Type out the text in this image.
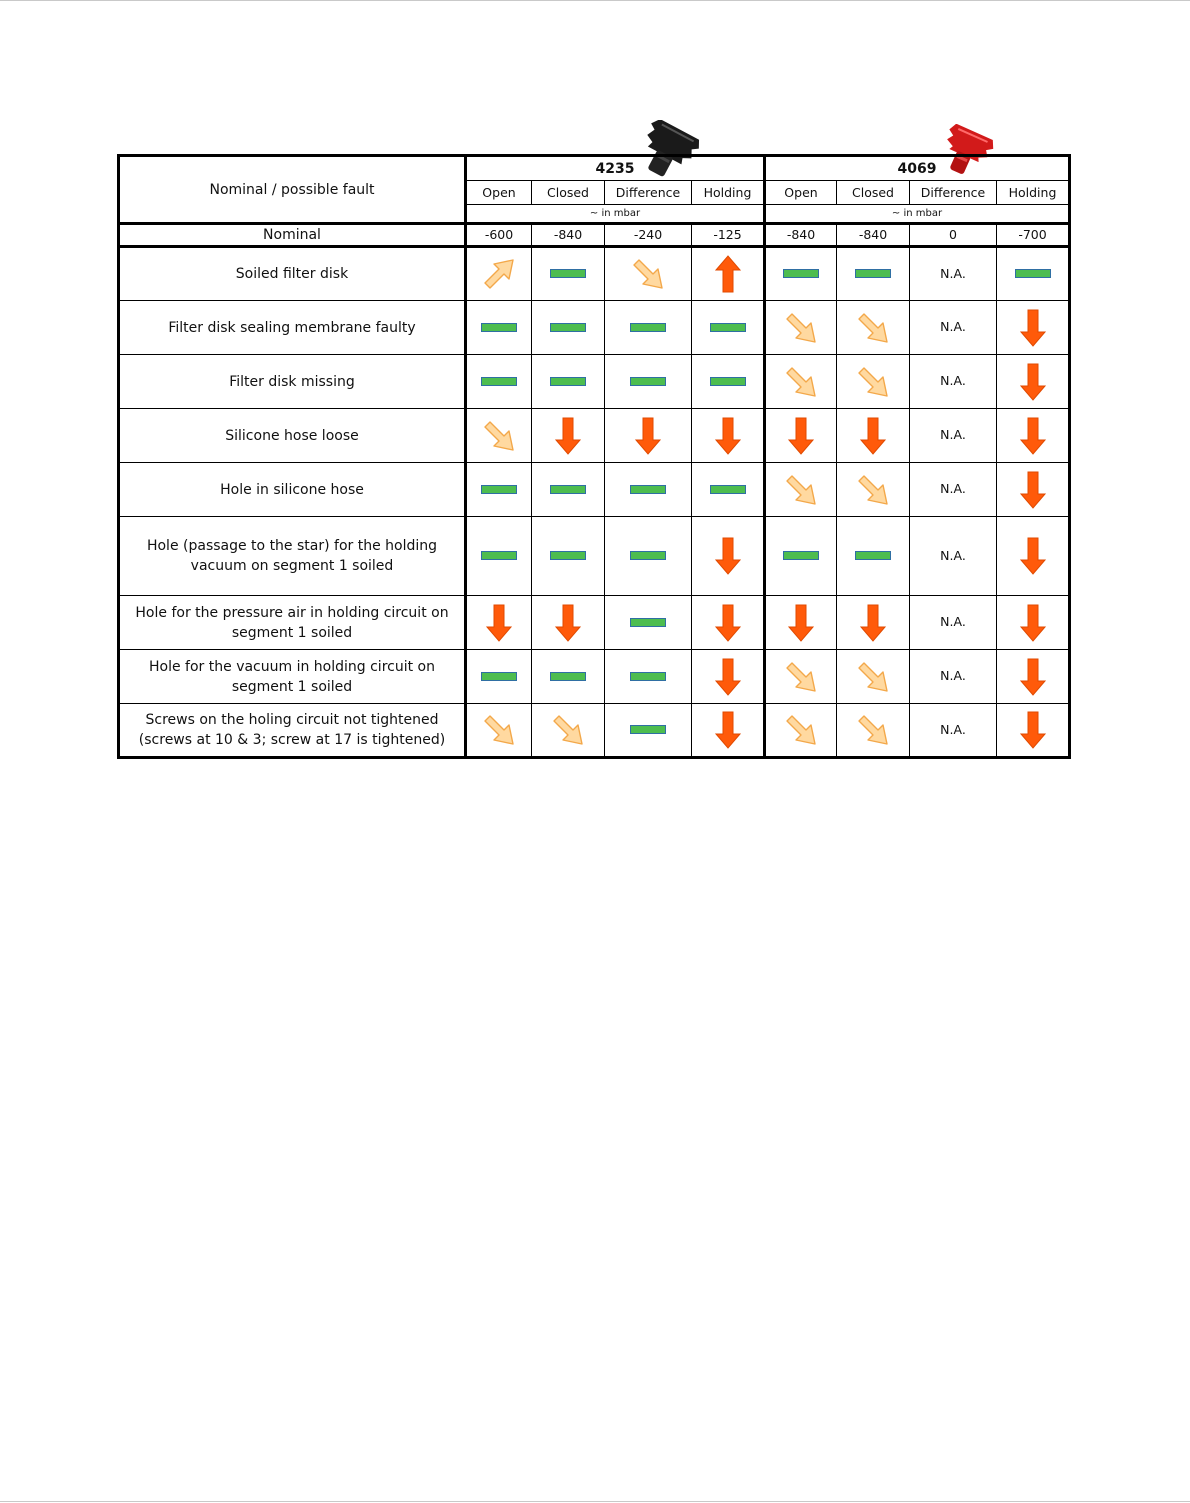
Nominal / possible fault	4235				4069			
	Open	Closed	Difference	Holding	Open	Closed	Difference	Holding
	~ in mbar				~ in mbar			
Nominal	-600	-840	-240	-125	-840	-840	0	-700
Soiled filter disk							N.A.	
Filter disk sealing membrane faulty							N.A.	

Filter disk missing							N.A.	

Silicone hose loose							N.A.	

Hole in silicone hose							N.A.	

Hole (passage to the star) for the holding vacuum on segment 1 soiled							N.A.	

Hole for the pressure air in holding circuit on segment 1 soiled							N.A.	

Hole for the vacuum in holding circuit on segment 1 soiled							N.A.	

Screws on the holing circuit not tightened (screws at 10 & 3; screw at 17 is tightened)							N.A.	
